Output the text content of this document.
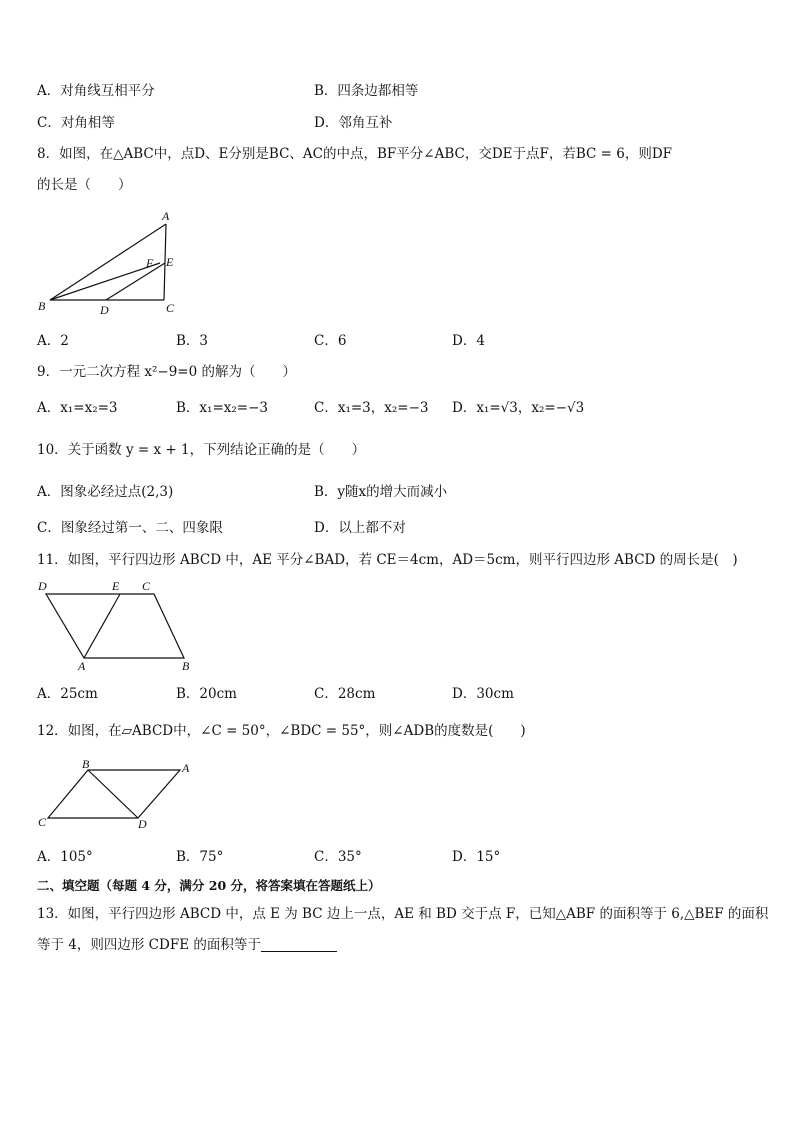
A．对角线互相平分	B．四条边都相等
C．对角相等	D．邻角互补
8．如图，在△ABC中，点D、E分别是BC、AC的中点，BF平分∠ABC，交DE于点F，若BC = 6，则DF
的长是（　　）
A
B	C
D
E
F
A．2	B．3	C．6	D．4
9．一元二次方程 x²−9=0 的解为（　　）
A．x₁=x₂=3	B．x₁=x₂=−3	C．x₁=3，x₂=−3 D．x₁=√3，x₂=−√3
10．关于函数 y = x + 1，下列结论正确的是（　　）
A．图象必经过点(2,3)	B．y随x的增大而减小
C．图象经过第一、二、四象限	D．以上都不对
11．如图，平行四边形 ABCD 中，AE 平分∠BAD，若 CE＝4cm，AD＝5cm，则平行四边形 ABCD 的周长是(　)
A	B
C
D	E
A．25cm	B．20cm	C．28cm	D．30cm
12．如图，在▱ABCD中，∠C = 50°，∠BDC = 55°，则∠ADB的度数是(　　)
A
B
C	D
A．105°	B．75°	C．35°	D．15°
二、填空题（每题 4 分，满分 20 分，将答案填在答题纸上）
13．如图，平行四边形 ABCD 中，点 E 为 BC 边上一点，AE 和 BD 交于点 F，已知△ABF 的面积等于 6,△BEF 的面积
等于 4，则四边形 CDFE 的面积等于
